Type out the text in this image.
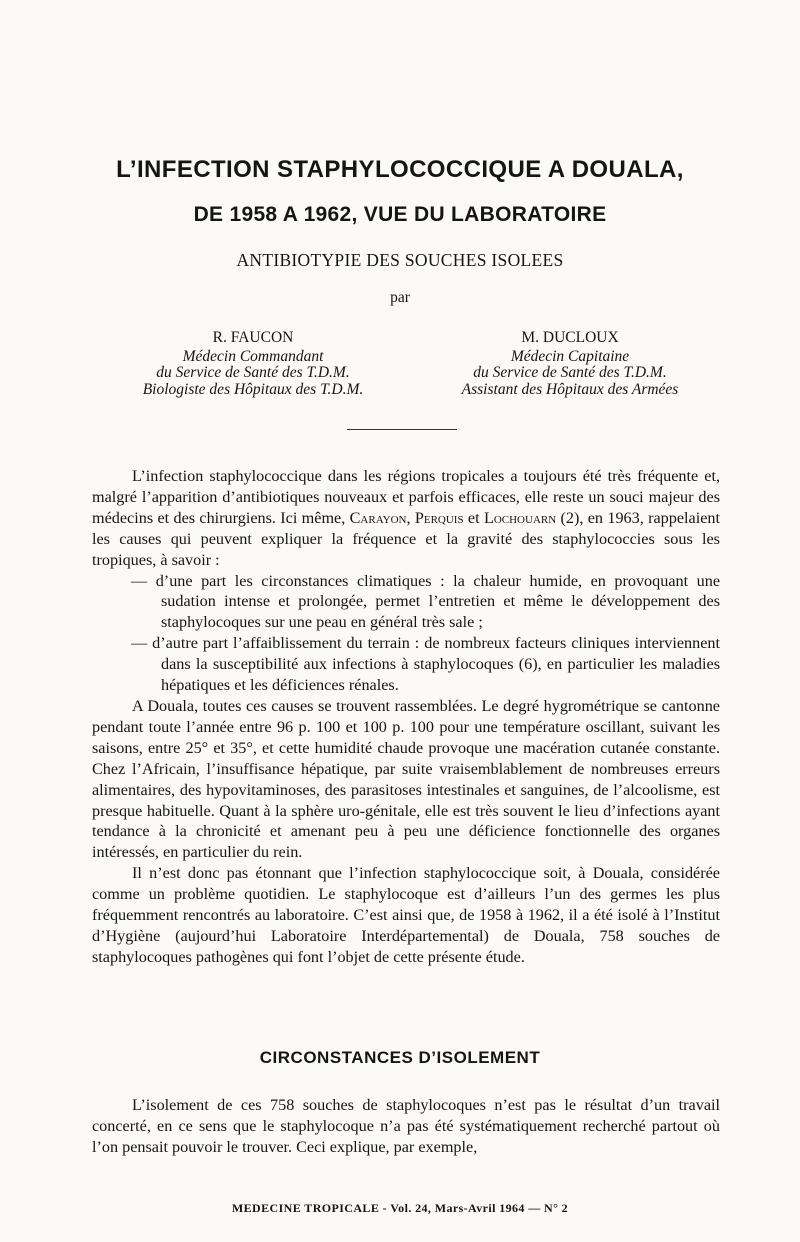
L’INFECTION STAPHYLOCOCCIQUE A DOUALA,
DE 1958 A 1962, VUE DU LABORATOIRE
ANTIBIOTYPIE DES SOUCHES ISOLEES
par
R. FAUCON
Médecin Commandant
du Service de Santé des T.D.M.
Biologiste des Hôpitaux des T.D.M.
M. DUCLOUX
Médecin Capitaine
du Service de Santé des T.D.M.
Assistant des Hôpitaux des Armées

L’infection staphylococcique dans les régions tropicales a toujours été très fréquente et, malgré l’apparition d’antibiotiques nouveaux et parfois efficaces, elle reste un souci majeur des médecins et des chirurgiens. Ici même, Carayon, Perquis et Lochouarn (2), en 1963, rappelaient les causes qui peuvent expliquer la fréquence et la gravité des staphylococcies sous les tropiques, à savoir :

— d’une part les circonstances climatiques : la chaleur humide, en provoquant une sudation intense et prolongée, permet l’entretien et même le développement des staphylocoques sur une peau en général très sale ;

— d’autre part l’affaiblissement du terrain : de nombreux facteurs cliniques interviennent dans la susceptibilité aux infections à staphylocoques (6), en particulier les maladies hépatiques et les déficiences rénales.

A Douala, toutes ces causes se trouvent rassemblées. Le degré hygrométrique se cantonne pendant toute l’année entre 96 p. 100 et 100 p. 100 pour une température oscillant, suivant les saisons, entre 25° et 35°, et cette humidité chaude provoque une macération cutanée constante. Chez l’Africain, l’insuffisance hépatique, par suite vraisemblablement de nombreuses erreurs alimentaires, des hypovitaminoses, des parasitoses intestinales et sanguines, de l’alcoolisme, est presque habituelle. Quant à la sphère uro-génitale, elle est très souvent le lieu d’infections ayant tendance à la chronicité et amenant peu à peu une déficience fonctionnelle des organes intéressés, en particulier du rein.

Il n’est donc pas étonnant que l’infection staphylococcique soit, à Douala, considérée comme un problème quotidien. Le staphylocoque est d’ailleurs l’un des germes les plus fréquemment rencontrés au laboratoire. C’est ainsi que, de 1958 à 1962, il a été isolé à l’Institut d’Hygiène (aujourd’hui Laboratoire Interdépartemental) de Douala, 758 souches de staphylocoques pathogènes qui font l’objet de cette présente étude.

CIRCONSTANCES D’ISOLEMENT

L’isolement de ces 758 souches de staphylocoques n’est pas le résultat d’un travail concerté, en ce sens que le staphylocoque n’a pas été systématiquement recherché partout où l’on pensait pouvoir le trouver. Ceci explique, par exemple,

MEDECINE TROPICALE - Vol. 24, Mars-Avril 1964 — N° 2
